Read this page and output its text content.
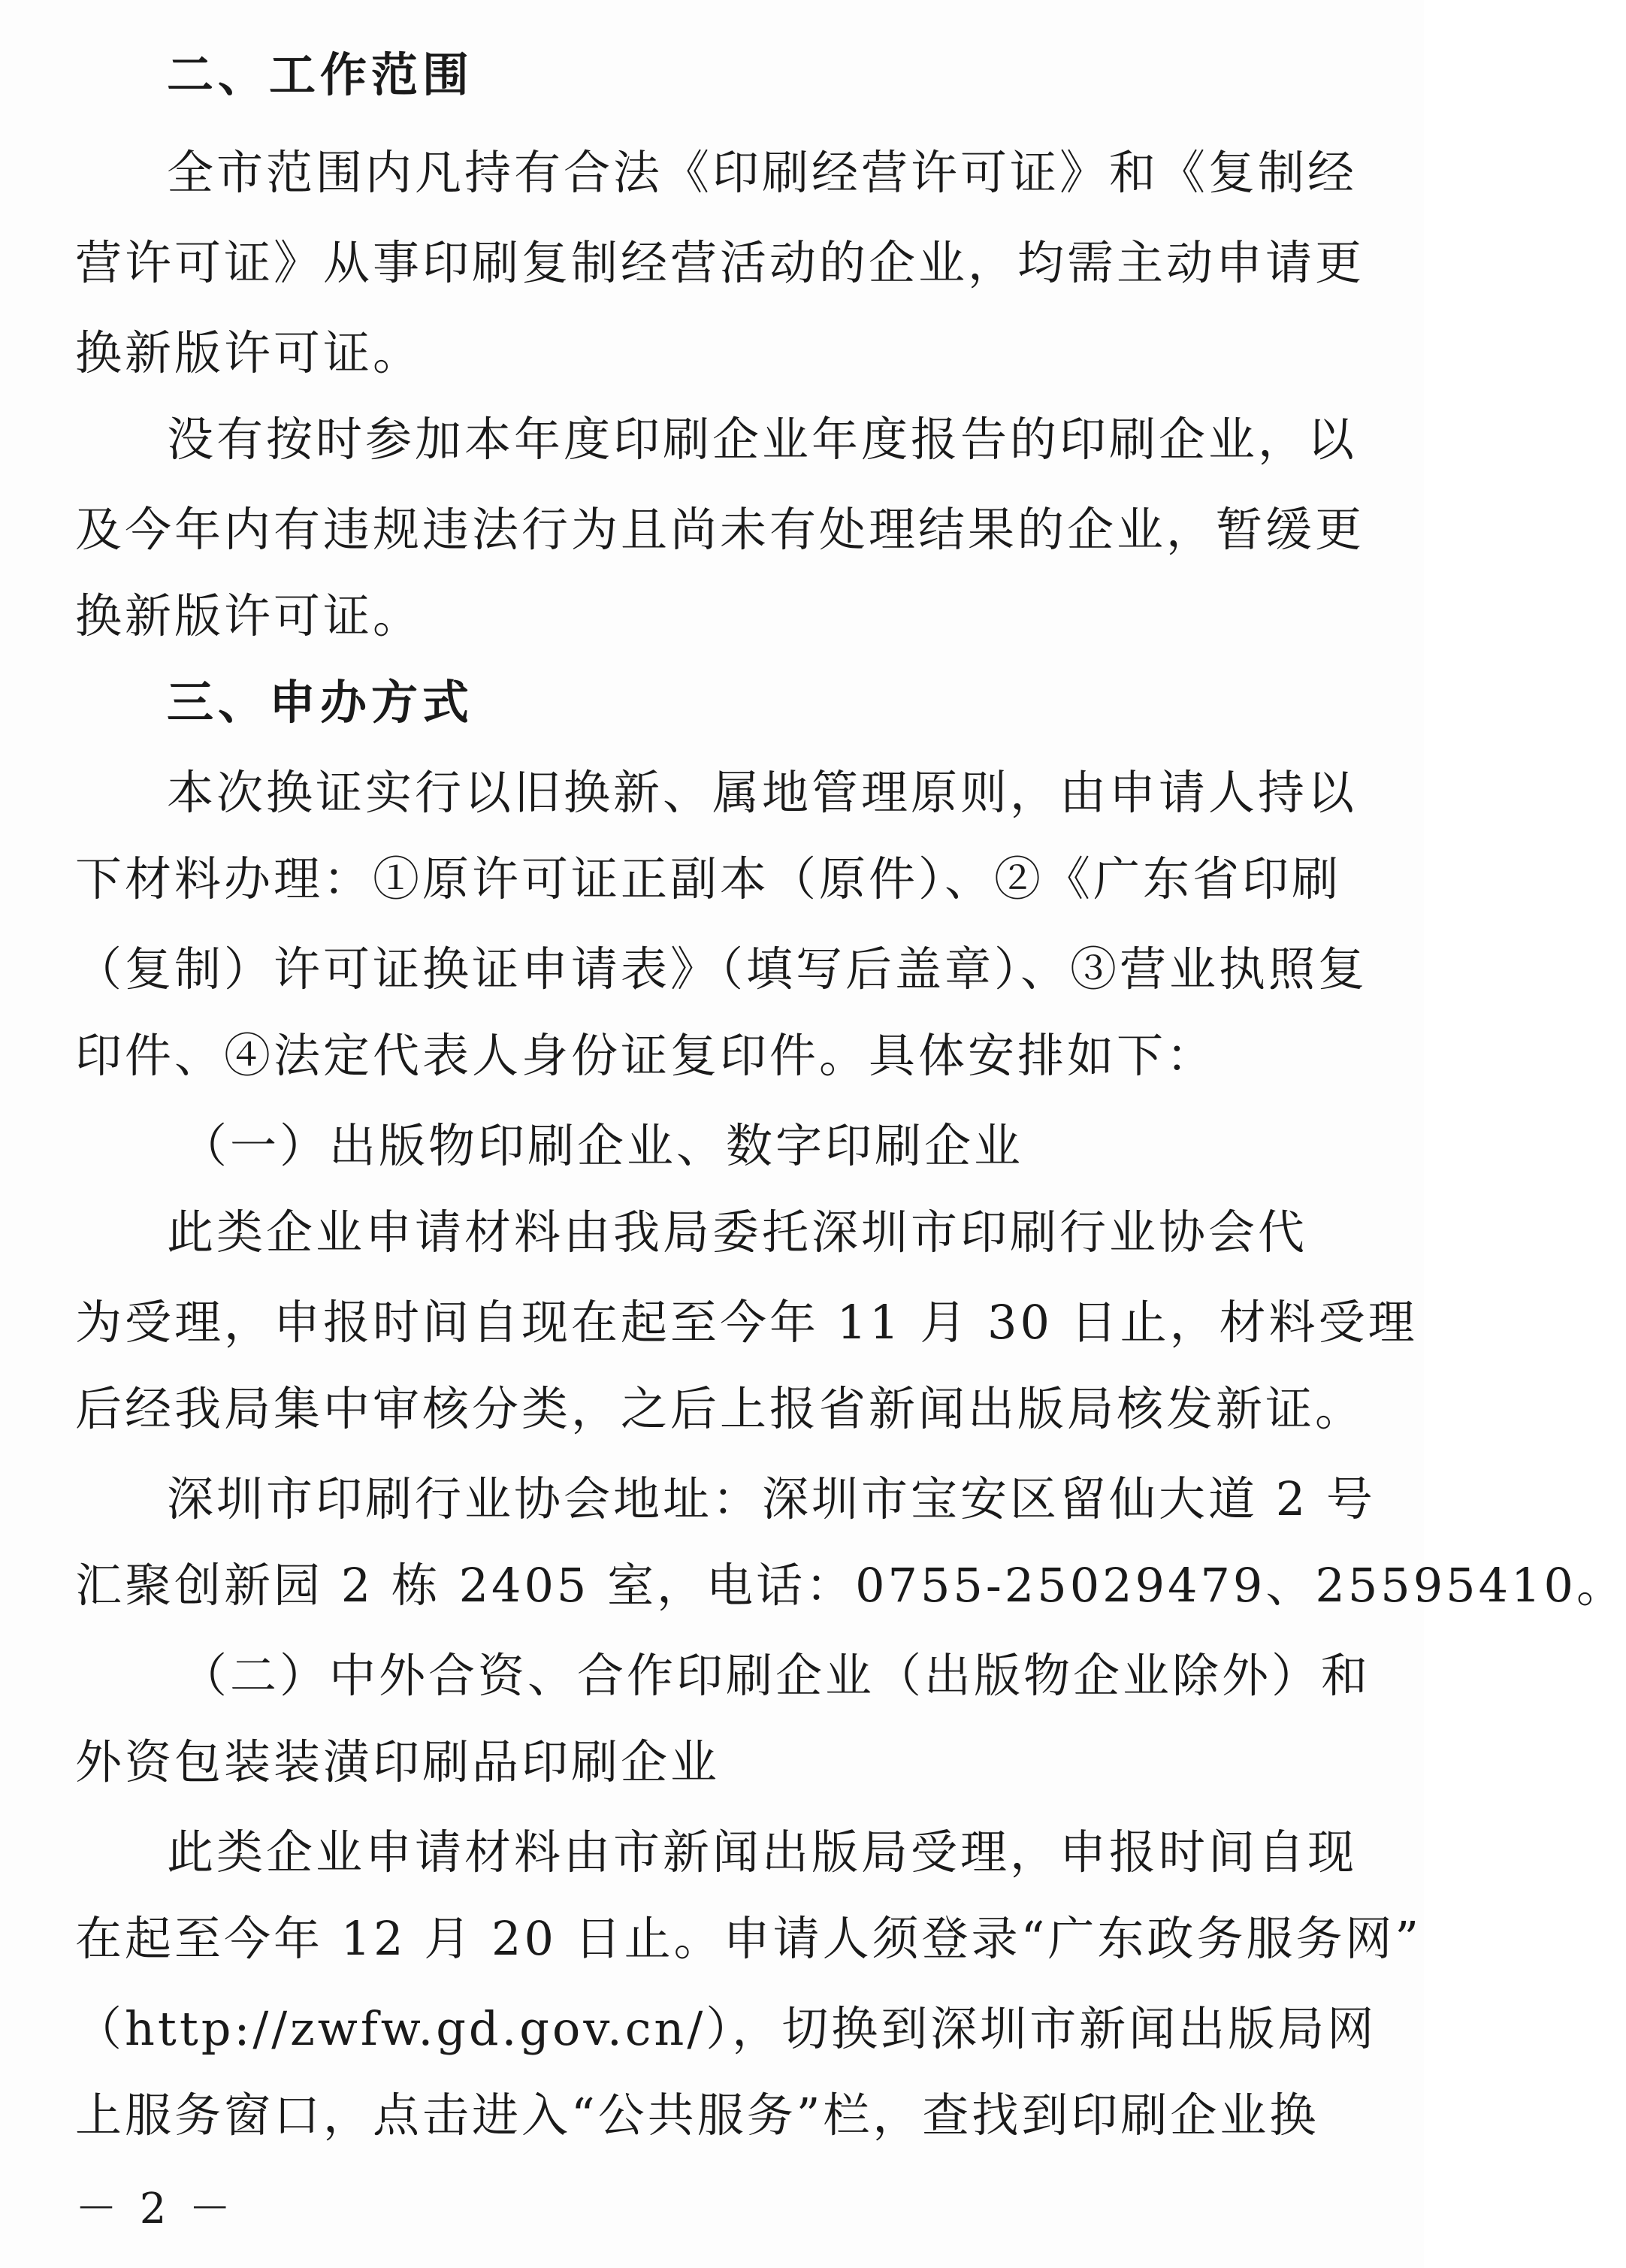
二、工作范围
全市范围内凡持有合法《印刷经营许可证》和《复制经
营许可证》从事印刷复制经营活动的企业，均需主动申请更
换新版许可证。
没有按时参加本年度印刷企业年度报告的印刷企业，以
及今年内有违规违法行为且尚未有处理结果的企业，暂缓更
换新版许可证。
三、申办方式
本次换证实行以旧换新、属地管理原则，由申请人持以
下材料办理：①原许可证正副本（原件）、②《广东省印刷
（复制）许可证换证申请表》（填写后盖章）、③营业执照复
印件、④法定代表人身份证复印件。具体安排如下：
（一）出版物印刷企业、数字印刷企业
此类企业申请材料由我局委托深圳市印刷行业协会代
为受理，申报时间自现在起至今年 11 月 30 日止，材料受理
后经我局集中审核分类，之后上报省新闻出版局核发新证。
深圳市印刷行业协会地址：深圳市宝安区留仙大道 2 号
汇聚创新园 2 栋 2405 室，电话：0755-25029479、25595410。
（二）中外合资、合作印刷企业（出版物企业除外）和
外资包装装潢印刷品印刷企业
此类企业申请材料由市新闻出版局受理，申报时间自现
在起至今年 12 月 20 日止。申请人须登录“广东政务服务网”
（http://zwfw.gd.gov.cn/），切换到深圳市新闻出版局网
上服务窗口，点击进入“公共服务”栏，查找到印刷企业换
－ 2 －
